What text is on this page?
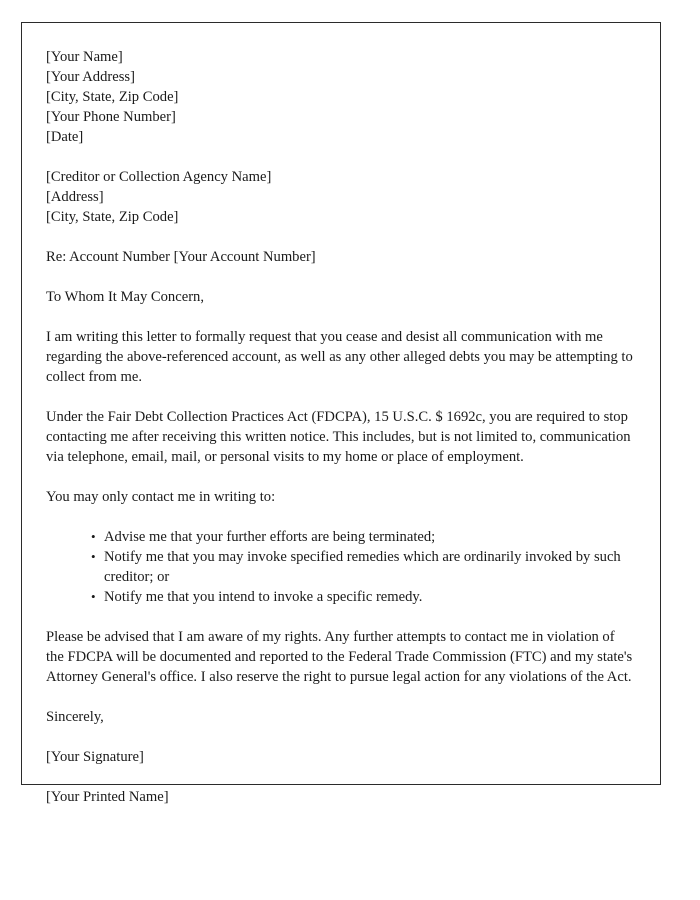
[Your Name]
[Your Address]
[City, State, Zip Code]
[Your Phone Number]
[Date]
[Creditor or Collection Agency Name]
[Address]
[City, State, Zip Code]

Re: Account Number [Your Account Number]

To Whom It May Concern,

I am writing this letter to formally request that you cease and desist all communication with me regarding the above-referenced account, as well as any other alleged debts you may be attempting to collect from me.

Under the Fair Debt Collection Practices Act (FDCPA), 15 U.S.C. $ 1692c, you are required to stop contacting me after receiving this written notice. This includes, but is not limited to, communication via telephone, email, mail, or personal visits to my home or place of employment.

You may only contact me in writing to:

• Advise me that your further efforts are being terminated;
• Notify me that you may invoke specified remedies which are ordinarily invoked by such creditor; or
• Notify me that you intend to invoke a specific remedy.

Please be advised that I am aware of my rights. Any further attempts to contact me in violation of the FDCPA will be documented and reported to the Federal Trade Commission (FTC) and my state's Attorney General's office. I also reserve the right to pursue legal action for any violations of the Act.

Sincerely,

[Your Signature]

[Your Printed Name]
